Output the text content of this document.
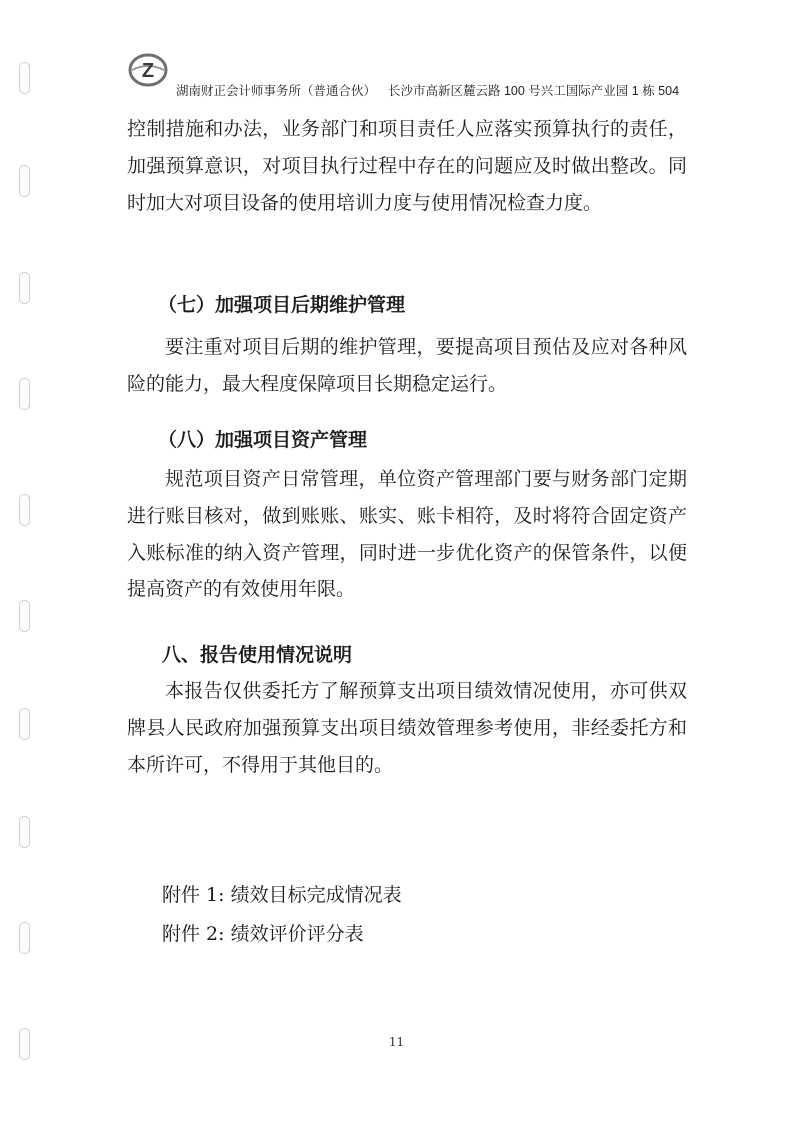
Z
湖南财正会计师事务所（普通合伙） 长沙市高新区麓云路 100 号兴工国际产业园 1 栋 504

控制措施和办法，业务部门和项目责任人应落实预算执行的责任，加强预算意识，对项目执行过程中存在的问题应及时做出整改。同时加大对项目设备的使用培训力度与使用情况检查力度。

（七）加强项目后期维护管理

要注重对项目后期的维护管理，要提高项目预估及应对各种风险的能力，最大程度保障项目长期稳定运行。

（八）加强项目资产管理

规范项目资产日常管理，单位资产管理部门要与财务部门定期进行账目核对，做到账账、账实、账卡相符，及时将符合固定资产入账标准的纳入资产管理，同时进一步优化资产的保管条件，以便提高资产的有效使用年限。

八、报告使用情况说明

本报告仅供委托方了解预算支出项目绩效情况使用，亦可供双牌县人民政府加强预算支出项目绩效管理参考使用，非经委托方和本所许可，不得用于其他目的。

附件 1: 绩效目标完成情况表
附件 2: 绩效评价评分表
11
